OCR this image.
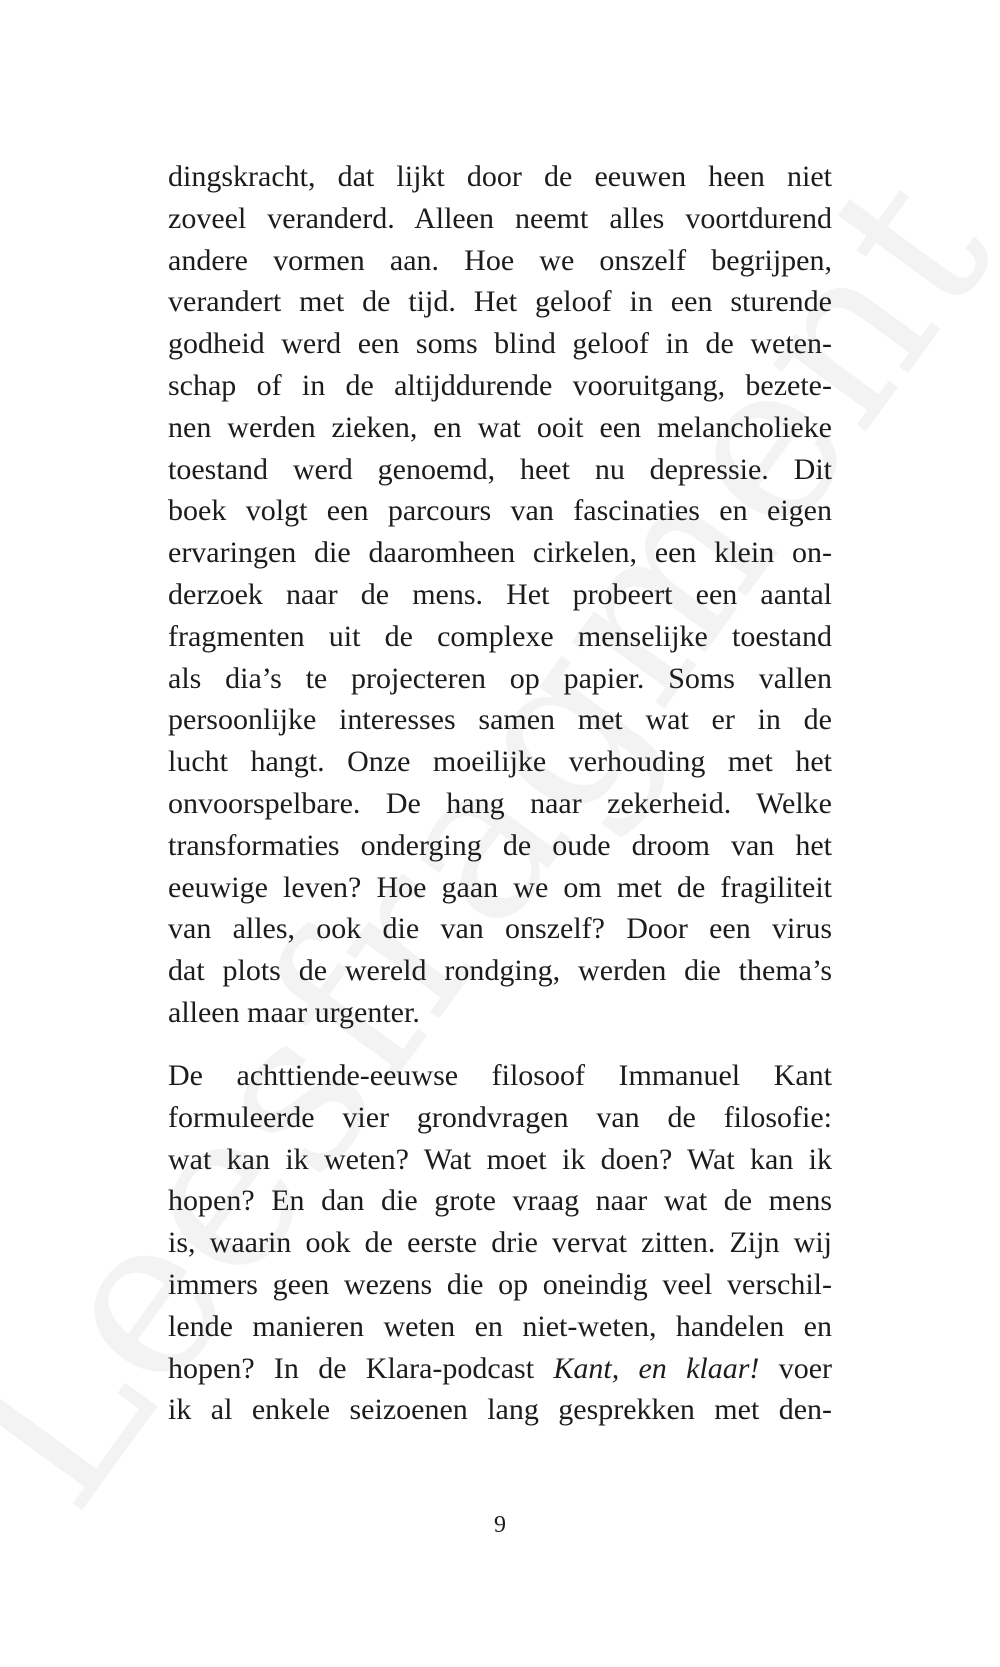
dingskracht, dat lijkt door de eeuwen heen niet
zoveel veranderd. Alleen neemt alles voortdurend
andere vormen aan. Hoe we onszelf begrijpen,
verandert met de tijd. Het geloof in een sturende
godheid werd een soms blind geloof in de weten-
schap of in de altijddurende vooruitgang, bezete-
nen werden zieken, en wat ooit een melancholieke
toestand werd genoemd, heet nu depressie. Dit
boek volgt een parcours van fascinaties en eigen
ervaringen die daaromheen cirkelen, een klein on-
derzoek naar de mens. Het probeert een aantal
fragmenten uit de complexe menselijke toestand
als dia’s te projecteren op papier. Soms vallen
persoonlijke interesses samen met wat er in de
lucht hangt. Onze moeilijke verhouding met het
onvoorspelbare. De hang naar zekerheid. Welke
transformaties onderging de oude droom van het
eeuwige leven? Hoe gaan we om met de fragiliteit
van alles, ook die van onszelf? Door een virus
dat plots de wereld rondging, werden die thema’s
alleen maar urgenter.

De achttiende-eeuwse filosoof Immanuel Kant
formuleerde vier grondvragen van de filosofie:
wat kan ik weten? Wat moet ik doen? Wat kan ik
hopen? En dan die grote vraag naar wat de mens
is, waarin ook de eerste drie vervat zitten. Zijn wij
immers geen wezens die op oneindig veel verschil-
lende manieren weten en niet-weten, handelen en
hopen? In de Klara-podcast Kant, en klaar! voer
ik al enkele seizoenen lang gesprekken met den-

9
